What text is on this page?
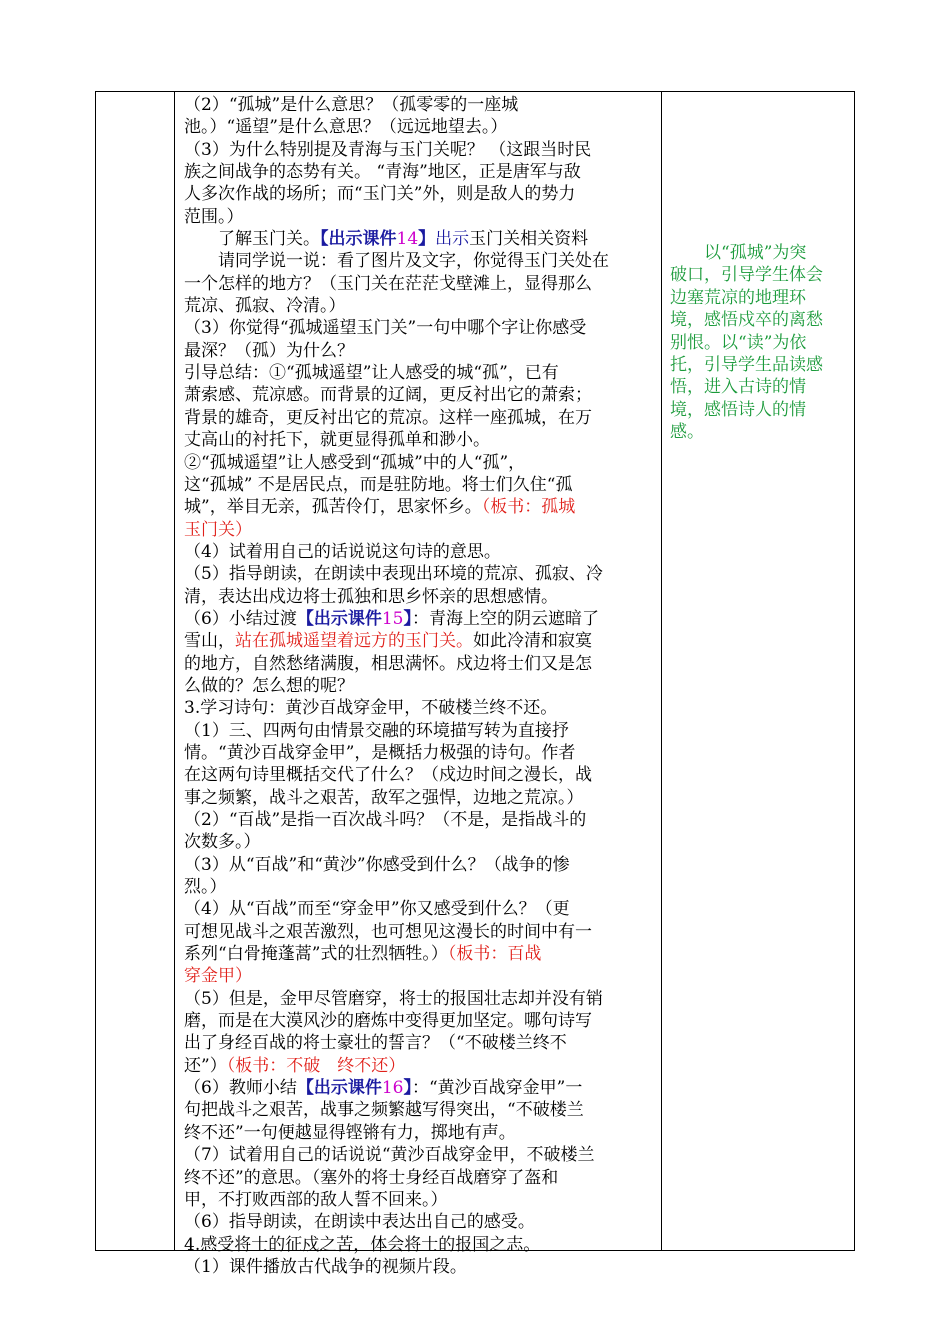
（2）“孤城”是什么意思？（孤零零的一座城

池。）“遥望”是什么意思？（远远地望去。）

（3）为什么特别提及青海与玉门关呢？ （这跟当时民

族之间战争的态势有关。 “青海”地区，正是唐军与敌

人多次作战的场所；而“玉门关”外，则是敌人的势力

范围。）

　　了解玉门关。【出示课件14】出示玉门关相关资料

　　请同学说一说：看了图片及文字，你觉得玉门关处在

一个怎样的地方？（玉门关在茫茫戈壁滩上，显得那么

荒凉、孤寂、冷清。）

（3）你觉得“孤城遥望玉门关”一句中哪个字让你感受

最深？（孤）为什么？

引导总结：①“孤城遥望”让人感受的城“孤”，已有

萧索感、荒凉感。而背景的辽阔，更反衬出它的萧索；

背景的雄奇，更反衬出它的荒凉。这样一座孤城，在万

丈高山的衬托下，就更显得孤单和渺小。

②“孤城遥望”让人感受到“孤城”中的人“孤”，

这“孤城” 不是居民点，而是驻防地。将士们久住“孤

城”，举目无亲，孤苦伶仃，思家怀乡。（板书：孤城

玉门关）

（4）试着用自己的话说说这句诗的意思。

（5）指导朗读，在朗读中表现出环境的荒凉、孤寂、冷

清，表达出戍边将士孤独和思乡怀亲的思想感情。

（6）小结过渡【出示课件15】：青海上空的阴云遮暗了

雪山，站在孤城遥望着远方的玉门关。如此冷清和寂寞

的地方，自然愁绪满腹，相思满怀。戍边将士们又是怎

么做的？怎么想的呢？

3.学习诗句：黄沙百战穿金甲，不破楼兰终不还。

（1）三、四两句由情景交融的环境描写转为直接抒

情。“黄沙百战穿金甲”，是概括力极强的诗句。作者

在这两句诗里概括交代了什么？（戍边时间之漫长，战

事之频繁，战斗之艰苦，敌军之强悍，边地之荒凉。）

（2）“百战”是指一百次战斗吗？（不是，是指战斗的

次数多。）

（3）从“百战”和“黄沙”你感受到什么？（战争的惨

烈。）

（4）从“百战”而至“穿金甲”你又感受到什么？（更

可想见战斗之艰苦激烈，也可想见这漫长的时间中有一

系列“白骨掩蓬蒿”式的壮烈牺牲。）（板书：百战

穿金甲）

（5）但是，金甲尽管磨穿，将士的报国壮志却并没有销

磨，而是在大漠风沙的磨炼中变得更加坚定。哪句诗写

出了身经百战的将士豪壮的誓言？（“不破楼兰终不

还”）（板书：不破　终不还）

（6）教师小结【出示课件16】：“黄沙百战穿金甲”一

句把战斗之艰苦，战事之频繁越写得突出，“不破楼兰

终不还”一句便越显得铿锵有力，掷地有声。

（7）试着用自己的话说说“黄沙百战穿金甲，不破楼兰

终不还”的意思。（塞外的将士身经百战磨穿了盔和

甲，不打败西部的敌人誓不回来。）

（6）指导朗读，在朗读中表达出自己的感受。

4.感受将士的征戍之苦，体会将士的报国之志。

（1）课件播放古代战争的视频片段。

　　以“孤城”为突

破口，引导学生体会

边塞荒凉的地理环

境，感悟戍卒的离愁

别恨。以“读”为依

托，引导学生品读感

悟，进入古诗的情

境，感悟诗人的情

感。
